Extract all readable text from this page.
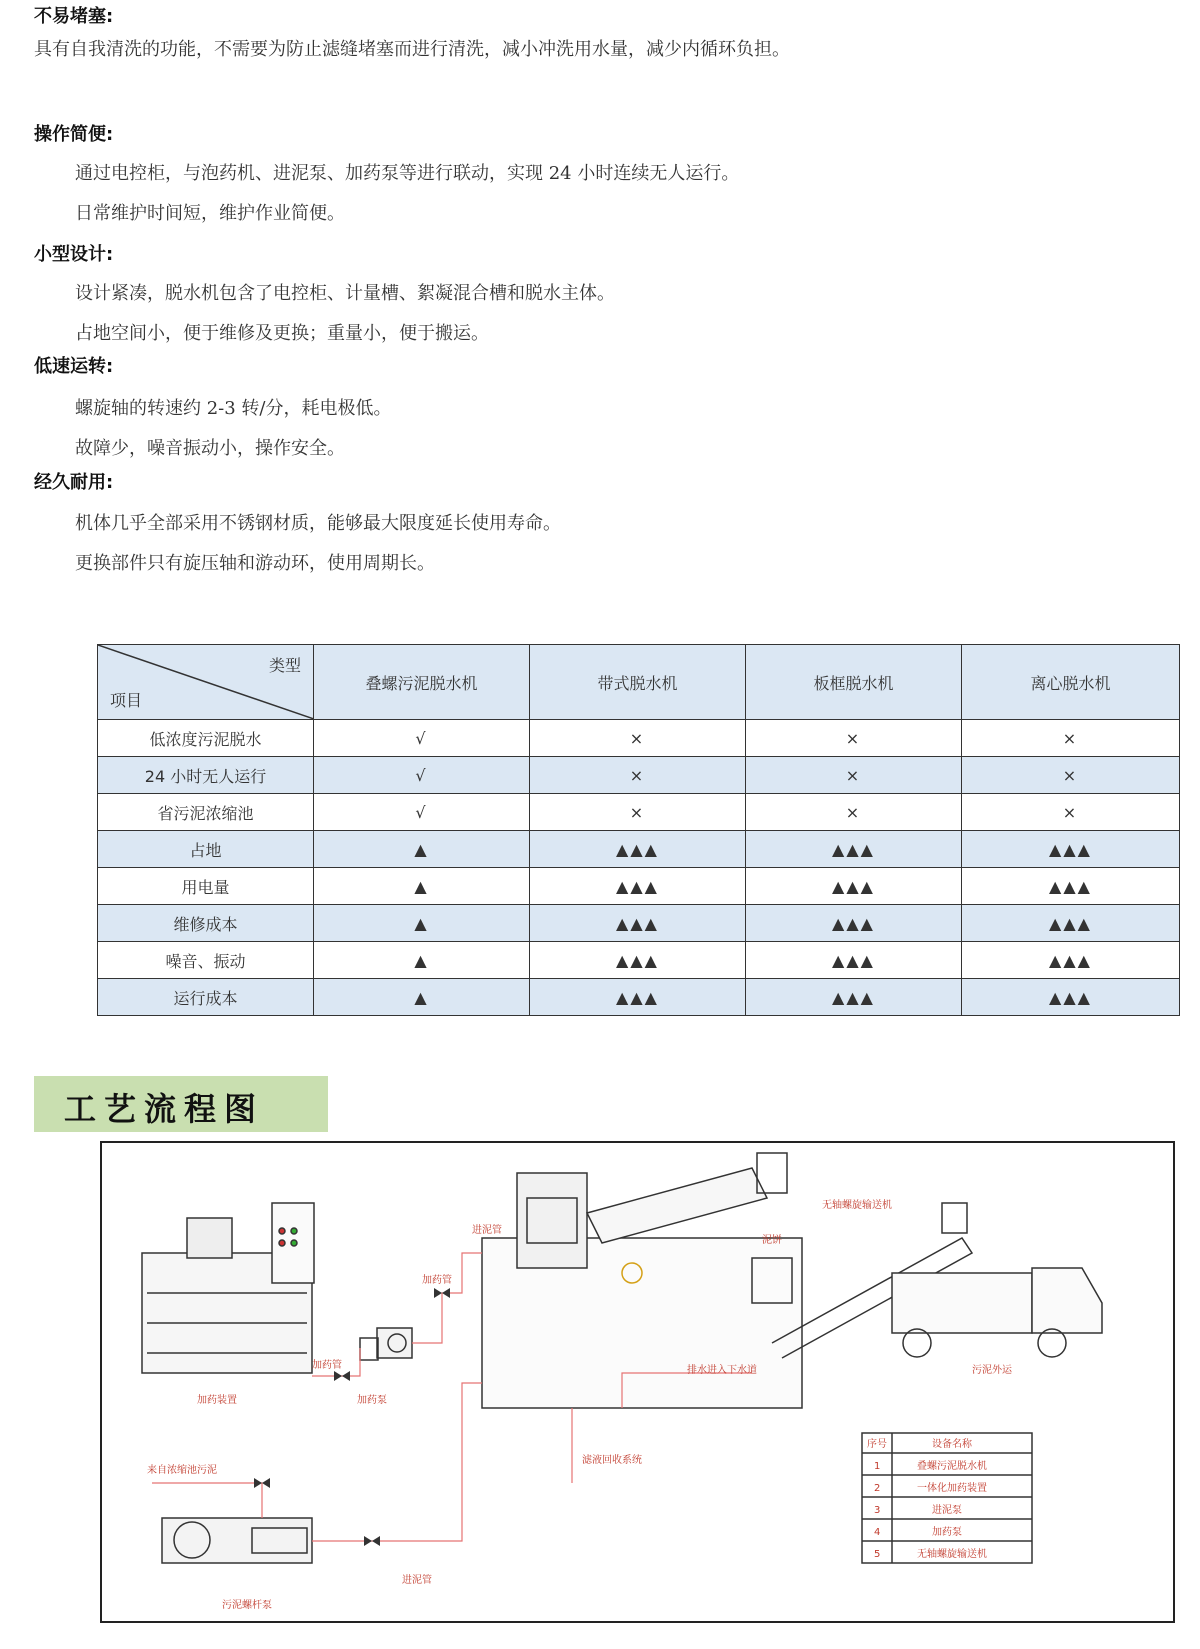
不易堵塞:
具有自我清洗的功能，不需要为防止滤缝堵塞而进行清洗，减小冲洗用水量，减少内循环负担。
操作简便:
通过电控柜，与泡药机、进泥泵、加药泵等进行联动，实现 24 小时连续无人运行。
日常维护时间短，维护作业简便。
小型设计:
设计紧凑，脱水机包含了电控柜、计量槽、絮凝混合槽和脱水主体。
占地空间小，便于维修及更换；重量小，便于搬运。
低速运转:
螺旋轴的转速约 2-3 转/分，耗电极低。
故障少，噪音振动小，操作安全。
经久耐用:
机体几乎全部采用不锈钢材质，能够最大限度延长使用寿命。
更换部件只有旋压轴和游动环，使用周期长。
类型
项目	叠螺污泥脱水机	带式脱水机	板框脱水机	离心脱水机
低浓度污泥脱水	√	×	×	×
24 小时无人运行	√	×	×	×
省污泥浓缩池	√	×	×	×
占地	▲	▲▲▲	▲▲▲	▲▲▲
用电量	▲	▲▲▲	▲▲▲	▲▲▲
维修成本	▲	▲▲▲	▲▲▲	▲▲▲
噪音、振动	▲	▲▲▲	▲▲▲	▲▲▲
运行成本	▲	▲▲▲	▲▲▲	▲▲▲
工艺流程图
加药装置	加药泵
加药管
加药管
进泥管
进泥管
污泥螺杆泵
来自浓缩池污泥
滤液回收系统
排水进入下水道
泥饼
无轴螺旋输送机
污泥外运
序号	设备名称
1	叠螺污泥脱水机
2	一体化加药装置
3	进泥泵
4	加药泵
5	无轴螺旋输送机
